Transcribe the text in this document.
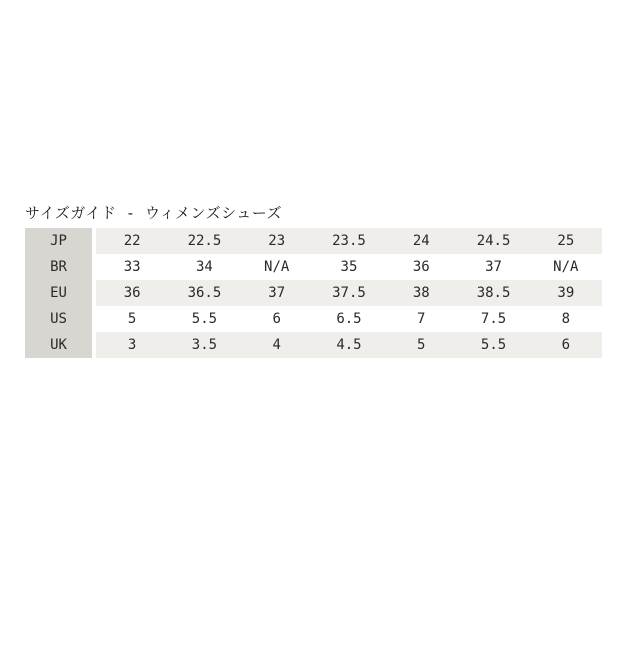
サイズガイド - ウィメンズシューズ
JP	22	22.5	23	23.5	24	24.5	25
BR	33	34	N/A	35	36	37	N/A
EU	36	36.5	37	37.5	38	38.5	39
US	5	5.5	6	6.5	7	7.5	8
UK	3	3.5	4	4.5	5	5.5	6
